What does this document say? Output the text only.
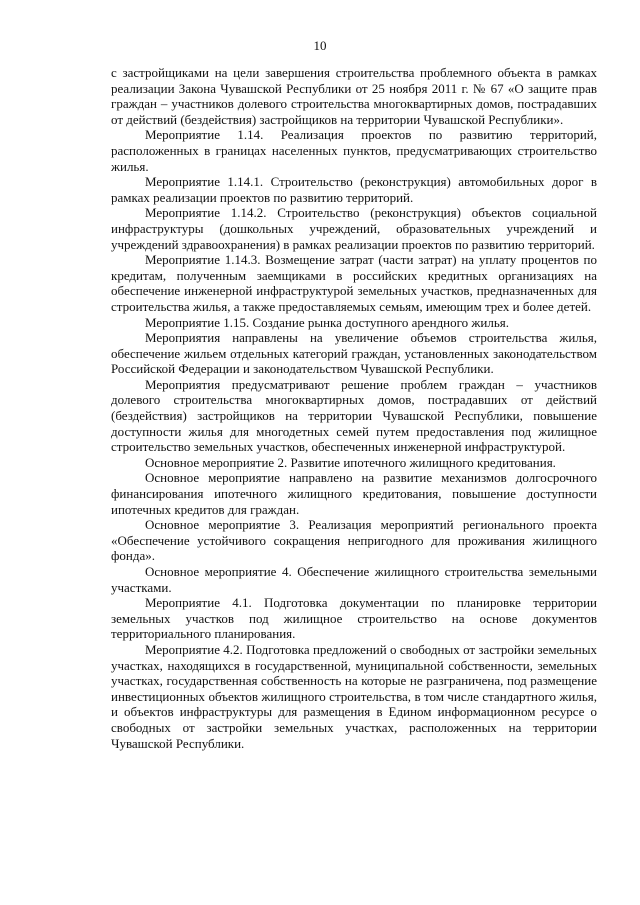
10

с застройщиками на цели завершения строительства проблемного объекта в рамках реализации Закона Чувашской Республики от 25 ноября 2011 г. № 67 «О защите прав граждан – участников долевого строительства многоквартирных домов, пострадавших от действий (бездействия) застройщиков на территории Чувашской Республики».

Мероприятие 1.14. Реализация проектов по развитию территорий, расположенных в границах населенных пунктов, предусматривающих строительство жилья.

Мероприятие 1.14.1. Строительство (реконструкция) автомобильных дорог в рамках реализации проектов по развитию территорий.

Мероприятие 1.14.2. Строительство (реконструкция) объектов социальной инфраструктуры (дошкольных учреждений, образовательных учреждений и учреждений здравоохранения) в рамках реализации проектов по развитию территорий.

Мероприятие 1.14.3. Возмещение затрат (части затрат) на уплату процентов по кредитам, полученным заемщиками в российских кредитных организациях на обеспечение инженерной инфраструктурой земельных участков, предназначенных для строительства жилья, а также предоставляемых семьям, имеющим трех и более детей.

Мероприятие 1.15. Создание рынка доступного арендного жилья.

Мероприятия направлены на увеличение объемов строительства жилья, обеспечение жильем отдельных категорий граждан, установленных законодательством Российской Федерации и законодательством Чувашской Республики.

Мероприятия предусматривают решение проблем граждан – участников долевого строительства многоквартирных домов, пострадавших от действий (бездействия) застройщиков на территории Чувашской Республики, повышение доступности жилья для многодетных семей путем предоставления под жилищное строительство земельных участков, обеспеченных инженерной инфраструктурой.

Основное мероприятие 2. Развитие ипотечного жилищного кредитования.

Основное мероприятие направлено на развитие механизмов долгосрочного финансирования ипотечного жилищного кредитования, повышение доступности ипотечных кредитов для граждан.

Основное мероприятие 3. Реализация мероприятий регионального проекта «Обеспечение устойчивого сокращения непригодного для проживания жилищного фонда».

Основное мероприятие 4. Обеспечение жилищного строительства земельными участками.

Мероприятие 4.1. Подготовка документации по планировке территории земельных участков под жилищное строительство на основе документов территориального планирования.

Мероприятие 4.2. Подготовка предложений о свободных от застройки земельных участках, находящихся в государственной, муниципальной собственности, земельных участках, государственная собственность на которые не разграничена, под размещение инвестиционных объектов жилищного строительства, в том числе стандартного жилья, и объектов инфраструктуры для размещения в Едином информационном ресурсе о свободных от застройки земельных участках, расположенных на территории Чувашской Республики.
